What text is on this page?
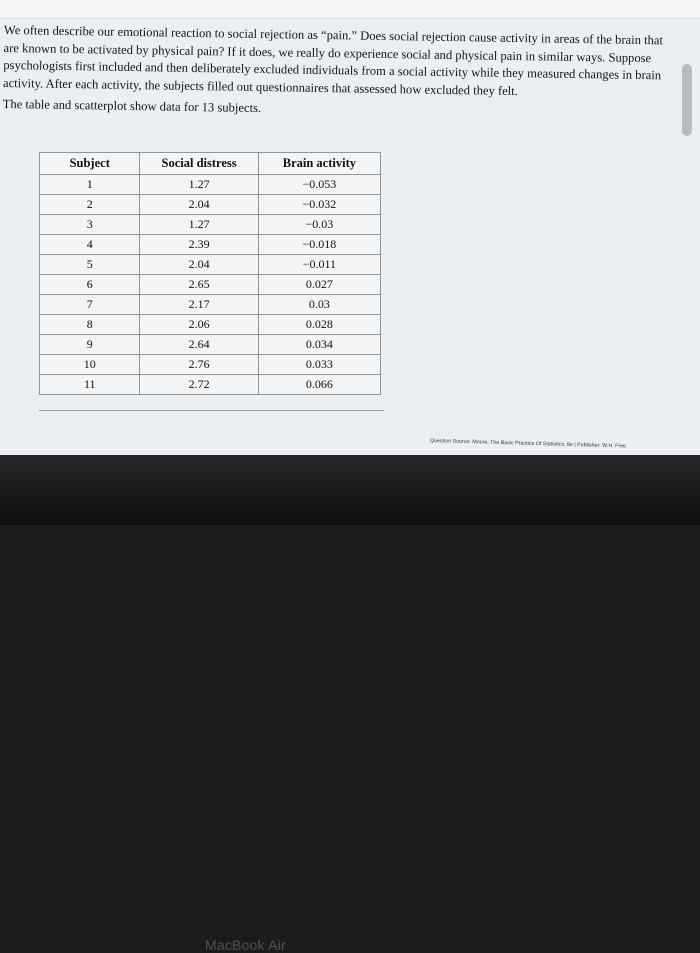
We often describe our emotional reaction to social rejection as “pain.” Does social rejection cause activity in areas of the brain that are known to be activated by physical pain? If it does, we really do experience social and physical pain in similar ways. Suppose psychologists first included and then deliberately excluded individuals from a social activity while they measured changes in brain activity. After each activity, the subjects filled out questionnaires that assessed how excluded they felt.

The table and scatterplot show data for 13 subjects.

Subject	Social distress	Brain activity
1	1.27	−0.053
2	2.04	−0.032
3	1.27	−0.03
4	2.39	−0.018
5	2.04	−0.011
6	2.65	0.027
7	2.17	0.03
8	2.06	0.028
9	2.64	0.034
10	2.76	0.033
11	2.72	0.066
Question Source: Moore, The Basic Practice Of Statistics, 8e | Publisher: W.H. Free
MacBook Air
